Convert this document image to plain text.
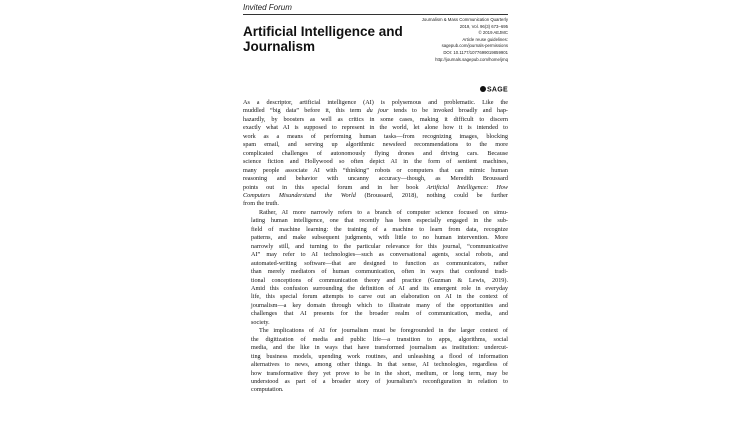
Invited Forum
Artificial Intelligence and
Journalism
Journalism & Mass Communication Quarterly
2019, Vol. 96(3) 673–695
© 2019 AEJMC
Article reuse guidelines:
sagepub.com/journals-permissions
DOI: 10.1177/1077699019859901
http://journals.sagepub.com/home/jmq
SAGE

As a descriptor, artificial intelligence (AI) is polysemous and problematic. Like the
muddled “big data” before it, this term du jour tends to be invoked broadly and hap-
hazardly, by boosters as well as critics in some cases, making it difficult to discern
exactly what AI is supposed to represent in the world, let alone how it is intended to
work as a means of performing human tasks—from recognizing images, blocking
spam email, and serving up algorithmic newsfeed recommendations to the more
complicated challenges of autonomously flying drones and driving cars. Because
science fiction and Hollywood so often depict AI in the form of sentient machines,
many people associate AI with “thinking” robots or computers that can mimic human
reasoning and behavior with uncanny accuracy—though, as Meredith Broussard
points out in this special forum and in her book Artificial Intelligence: How
Computers Misunderstand the World (Broussard, 2018), nothing could be further
from the truth.

Rather, AI more narrowly refers to a branch of computer science focused on simu-
lating human intelligence, one that recently has been especially engaged in the sub-
field of machine learning: the training of a machine to learn from data, recognize
patterns, and make subsequent judgments, with little to no human intervention. More
narrowly still, and turning to the particular relevance for this journal, “communicative
AI” may refer to AI technologies—such as conversational agents, social robots, and
automated-writing software—that are designed to function as communicators, rather
than merely mediators of human communication, often in ways that confound tradi-
tional conceptions of communication theory and practice (Guzman & Lewis, 2019).
Amid this confusion surrounding the definition of AI and its emergent role in everyday
life, this special forum attempts to carve out an elaboration on AI in the context of
journalism—a key domain through which to illustrate many of the opportunities and
challenges that AI presents for the broader realm of communication, media, and
society.

The implications of AI for journalism must be foregrounded in the larger context of
the digitization of media and public life—a transition to apps, algorithms, social
media, and the like in ways that have transformed journalism as institution: undercut-
ting business models, upending work routines, and unleashing a flood of information
alternatives to news, among other things. In that sense, AI technologies, regardless of
how transformative they yet prove to be in the short, medium, or long term, may be
understood as part of a broader story of journalism’s reconfiguration in relation to
computation.
